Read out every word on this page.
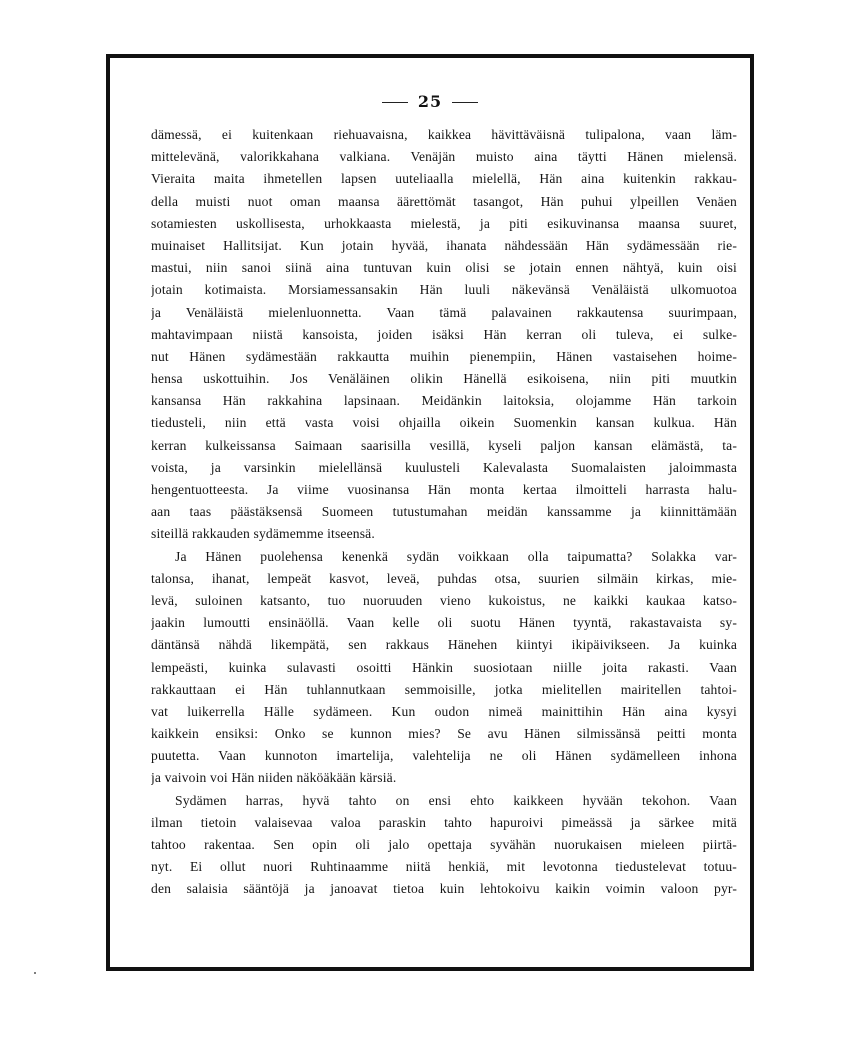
25
dämessä, ei kuitenkaan riehuavaisna, kaikkea hävittäväisnä tulipalona, vaan läm-
mittelevänä, valorikkahana valkiana. Venäjän muisto aina täytti Hänen mielensä.
Vieraita maita ihmetellen lapsen uuteliaalla mielellä, Hän aina kuitenkin rakkau-
della muisti nuot oman maansa äärettömät tasangot, Hän puhui ylpeillen Venäen
sotamiesten uskollisesta, urhokkaasta mielestä, ja piti esikuvinansa maansa suuret,
muinaiset Hallitsijat. Kun jotain hyvää, ihanata nähdessään Hän sydämessään rie-
mastui, niin sanoi siinä aina tuntuvan kuin olisi se jotain ennen nähtyä, kuin oisi
jotain kotimaista. Morsiamessansakin Hän luuli näkevänsä Venäläistä ulkomuotoa
ja Venäläistä mielenluonnetta. Vaan tämä palavainen rakkautensa suurimpaan,
mahtavimpaan niistä kansoista, joiden isäksi Hän kerran oli tuleva, ei sulke-
nut Hänen sydämestään rakkautta muihin pienempiin, Hänen vastaisehen hoime-
hensa uskottuihin. Jos Venäläinen olikin Hänellä esikoisena, niin piti muutkin
kansansa Hän rakkahina lapsinaan. Meidänkin laitoksia, olojamme Hän tarkoin
tiedusteli, niin että vasta voisi ohjailla oikein Suomenkin kansan kulkua. Hän
kerran kulkeissansa Saimaan saarisilla vesillä, kyseli paljon kansan elämästä, ta-
voista, ja varsinkin mielellänsä kuulusteli Kalevalasta Suomalaisten jaloimmasta
hengentuotteesta. Ja viime vuosinansa Hän monta kertaa ilmoitteli harrasta halu-
aan taas päästäksensä Suomeen tutustumahan meidän kanssamme ja kiinnittämään
siteillä rakkauden sydämemme itseensä.
Ja Hänen puolehensa kenenkä sydän voikkaan olla taipumatta? Solakka var-
talonsa, ihanat, lempeät kasvot, leveä, puhdas otsa, suurien silmäin kirkas, mie-
levä, suloinen katsanto, tuo nuoruuden vieno kukoistus, ne kaikki kaukaa katso-
jaakin lumoutti ensinäöllä. Vaan kelle oli suotu Hänen tyyntä, rakastavaista sy-
däntänsä nähdä likempätä, sen rakkaus Hänehen kiintyi ikipäivikseen. Ja kuinka
lempeästi, kuinka sulavasti osoitti Hänkin suosiotaan niille joita rakasti. Vaan
rakkauttaan ei Hän tuhlannutkaan semmoisille, jotka mielitellen mairitellen tahtoi-
vat luikerrella Hälle sydämeen. Kun oudon nimeä mainittihin Hän aina kysyi
kaikkein ensiksi: Onko se kunnon mies? Se avu Hänen silmissänsä peitti monta
puutetta. Vaan kunnoton imartelija, valehtelija ne oli Hänen sydämelleen inhona
ja vaivoin voi Hän niiden näköäkään kärsiä.
Sydämen harras, hyvä tahto on ensi ehto kaikkeen hyvään tekohon. Vaan
ilman tietoin valaisevaa valoa paraskin tahto hapuroivi pimeässä ja särkee mitä
tahtoo rakentaa. Sen opin oli jalo opettaja syvähän nuorukaisen mieleen piirtä-
nyt. Ei ollut nuori Ruhtinaamme niitä henkiä, mit levotonna tiedustelevat totuu-
den salaisia sääntöjä ja janoavat tietoa kuin lehtokoivu kaikin voimin valoon pyr-
